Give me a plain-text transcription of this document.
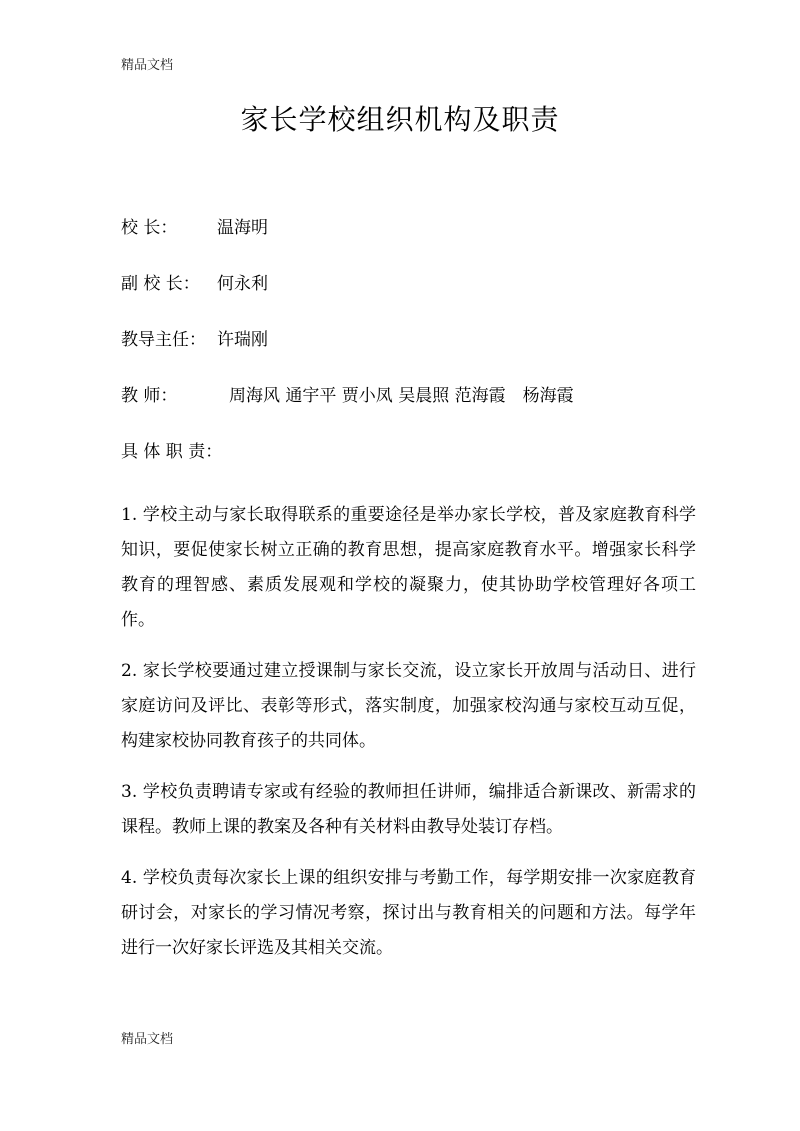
精品文档
家长学校组织机构及职责
校 长： 温海明
副 校 长： 何永利
教导主任： 许瑞刚
教 师：	周海风 通宇平 贾小凤 吴晨照 范海霞　杨海霞
具 体 职 责：

1. 学校主动与家长取得联系的重要途径是举办家长学校，普及家庭教育科学知识，要促使家长树立正确的教育思想，提高家庭教育水平。增强家长科学教育的理智感、素质发展观和学校的凝聚力，使其协助学校管理好各项工作。

2. 家长学校要通过建立授课制与家长交流，设立家长开放周与活动日、进行家庭访问及评比、表彰等形式，落实制度，加强家校沟通与家校互动互促，构建家校协同教育孩子的共同体。

3. 学校负责聘请专家或有经验的教师担任讲师，编排适合新课改、新需求的课程。教师上课的教案及各种有关材料由教导处装订存档。

4. 学校负责每次家长上课的组织安排与考勤工作，每学期安排一次家庭教育研讨会，对家长的学习情况考察，探讨出与教育相关的问题和方法。每学年进行一次好家长评选及其相关交流。

精品文档
